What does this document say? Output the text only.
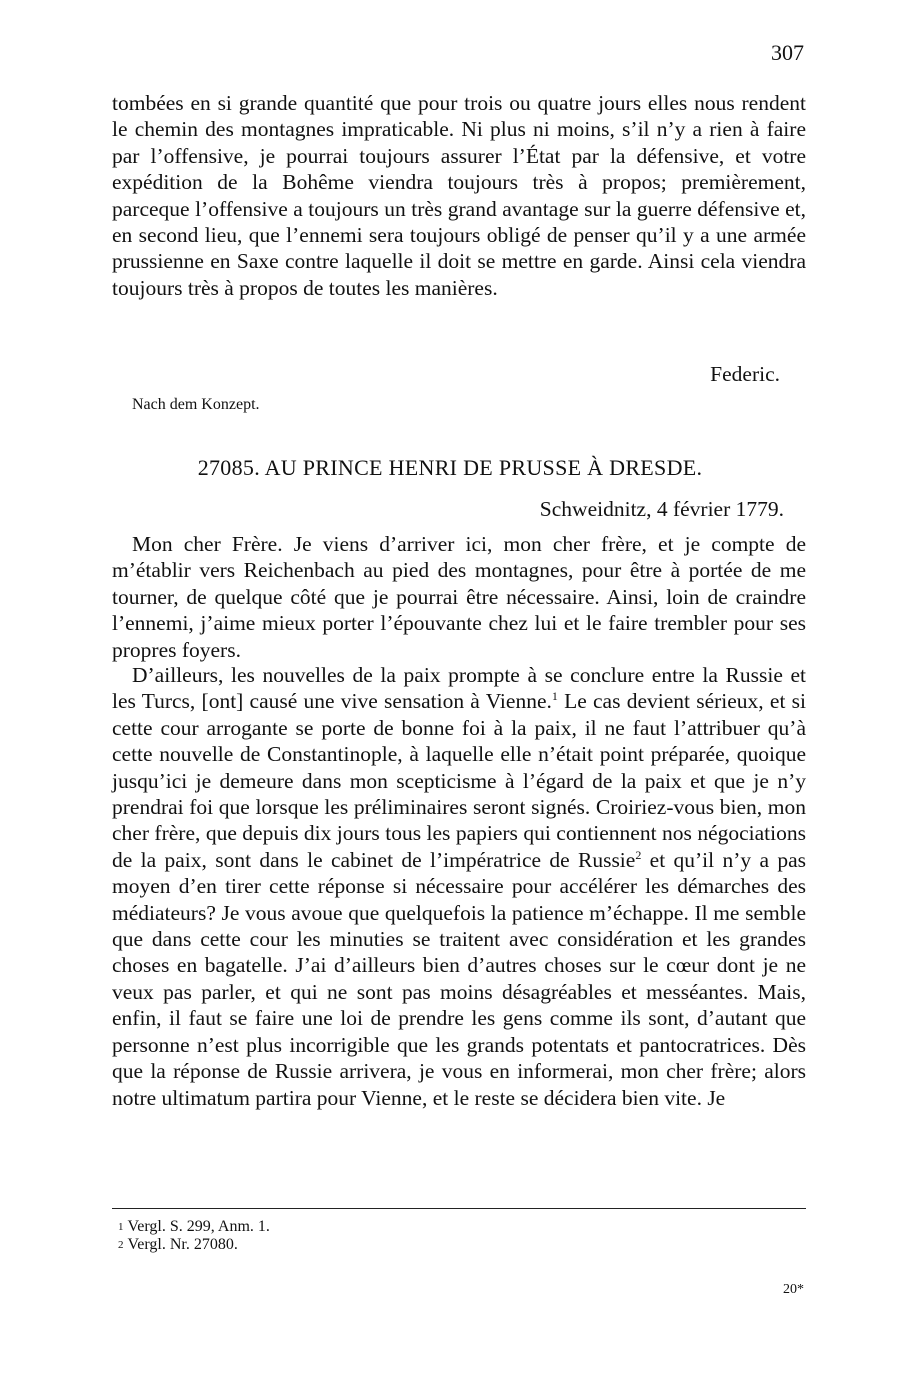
307

tombées en si grande quantité que pour trois ou quatre jours elles nous rendent le chemin des montagnes impraticable. Ni plus ni moins, s’il n’y a rien à faire par l’offensive, je pourrai toujours assurer l’État par la défensive, et votre expédition de la Bohême viendra toujours très à propos; premièrement, parceque l’offensive a toujours un très grand avantage sur la guerre défensive et, en second lieu, que l’ennemi sera toujours obligé de penser qu’il y a une armée prussienne en Saxe contre laquelle il doit se mettre en garde. Ainsi cela viendra toujours très à propos de toutes les manières.

Federic.
Nach dem Konzept.
27085. AU PRINCE HENRI DE PRUSSE À DRESDE.
Schweidnitz, 4 février 1779.

Mon cher Frère. Je viens d’arriver ici, mon cher frère, et je compte de m’établir vers Reichenbach au pied des montagnes, pour être à portée de me tourner, de quelque côté que je pourrai être nécessaire. Ainsi, loin de craindre l’ennemi, j’aime mieux porter l’épouvante chez lui et le faire trembler pour ses propres foyers.

D’ailleurs, les nouvelles de la paix prompte à se conclure entre la Russie et les Turcs, [ont] causé une vive sensation à Vienne.$^1$ Le cas devient sérieux, et si cette cour arrogante se porte de bonne foi à la paix, il ne faut l’attribuer qu’à cette nouvelle de Constantinople, à laquelle elle n’était point préparée, quoique jusqu’ici je demeure dans mon scepticisme à l’égard de la paix et que je n’y prendrai foi que lorsque les préliminaires seront signés. Croiriez-vous bien, mon cher frère, que depuis dix jours tous les papiers qui contiennent nos négociations de la paix, sont dans le cabinet de l’impératrice de Russie$^2$ et qu’il n’y a pas moyen d’en tirer cette réponse si nécessaire pour accélérer les démarches des médiateurs? Je vous avoue que quelquefois la patience m’échappe. Il me semble que dans cette cour les minuties se traitent avec considération et les grandes choses en bagatelle. J’ai d’ailleurs bien d’autres choses sur le cœur dont je ne veux pas parler, et qui ne sont pas moins désagréables et messéantes. Mais, enfin, il faut se faire une loi de prendre les gens comme ils sont, d’autant que personne n’est plus incorrigible que les grands potentats et pantocratrices. Dès que la réponse de Russie arrivera, je vous en informerai, mon cher frère; alors notre ultimatum partira pour Vienne, et le reste se décidera bien vite. Je

$^1$ Vergl. S. 299, Anm. 1.
$^2$ Vergl. Nr. 27080.
20*
